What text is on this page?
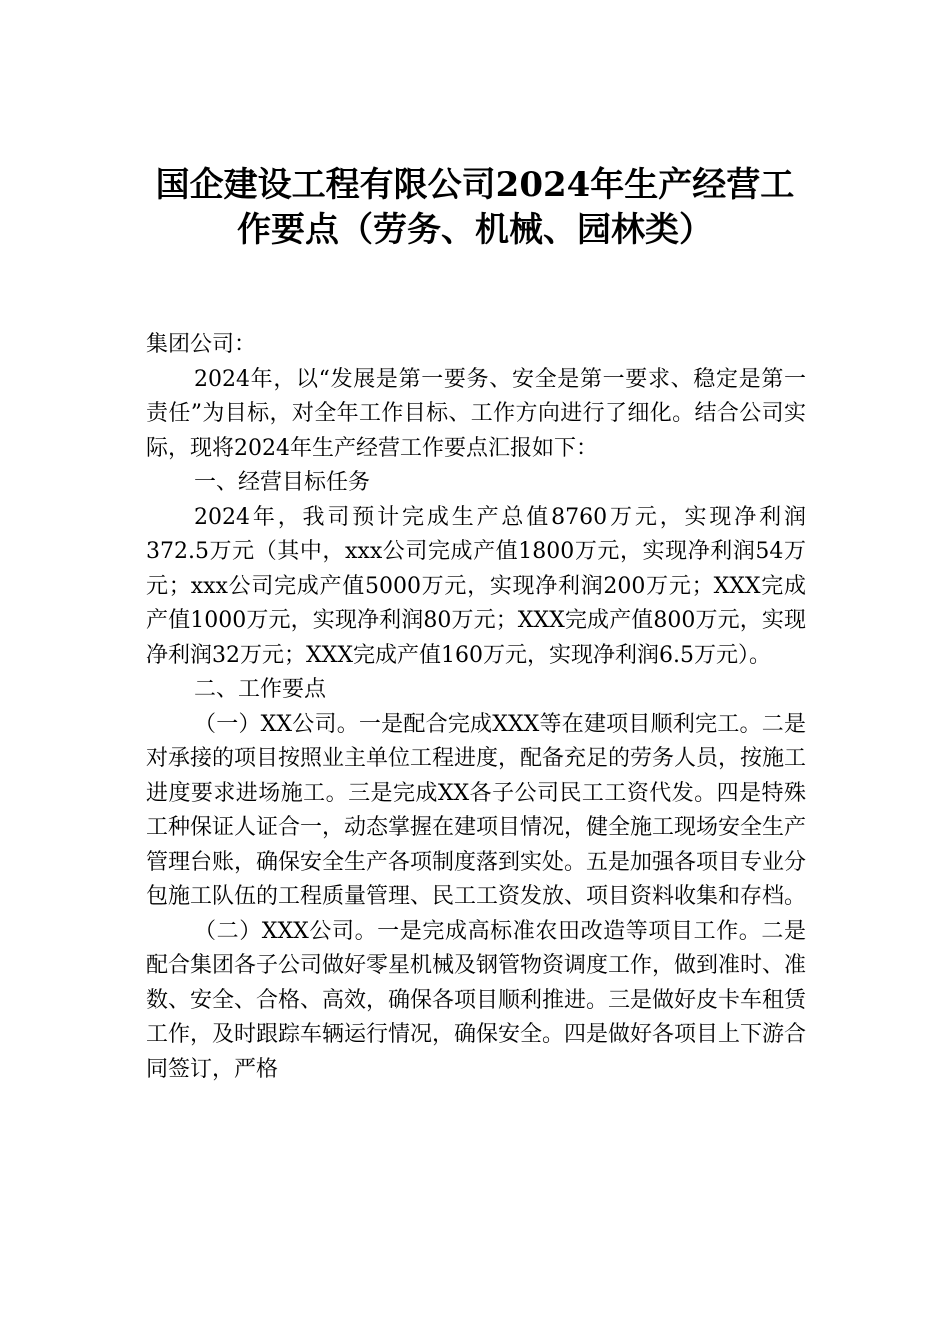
国企建设工程有限公司2024年生产经营工
作要点（劳务、机械、园林类）

集团公司：

2024年，以“发展是第一要务、安全是第一要求、稳定是第一责任”为目标，对全年工作目标、工作方向进行了细化。结合公司实际，现将2024年生产经营工作要点汇报如下：

一、经营目标任务

2024年，我司预计完成生产总值8760万元，实现净利润372.5万元（其中，xxx公司完成产值1800万元，实现净利润54万元；xxx公司完成产值5000万元，实现净利润200万元；XXX完成产值1000万元，实现净利润80万元；XXX完成产值800万元，实现净利润32万元；XXX完成产值160万元，实现净利润6.5万元）。

二、工作要点

（一）XX公司。一是配合完成XXX等在建项目顺利完工。二是对承接的项目按照业主单位工程进度，配备充足的劳务人员，按施工进度要求进场施工。三是完成XX各子公司民工工资代发。四是特殊工种保证人证合一，动态掌握在建项目情况，健全施工现场安全生产管理台账，确保安全生产各项制度落到实处。五是加强各项目专业分包施工队伍的工程质量管理、民工工资发放、项目资料收集和存档。

（二）XXX公司。一是完成高标准农田改造等项目工作。二是配合集团各子公司做好零星机械及钢管物资调度工作，做到准时、准数、安全、合格、高效，确保各项目顺利推进。三是做好皮卡车租赁工作，及时跟踪车辆运行情况，确保安全。四是做好各项目上下游合同签订，严格
